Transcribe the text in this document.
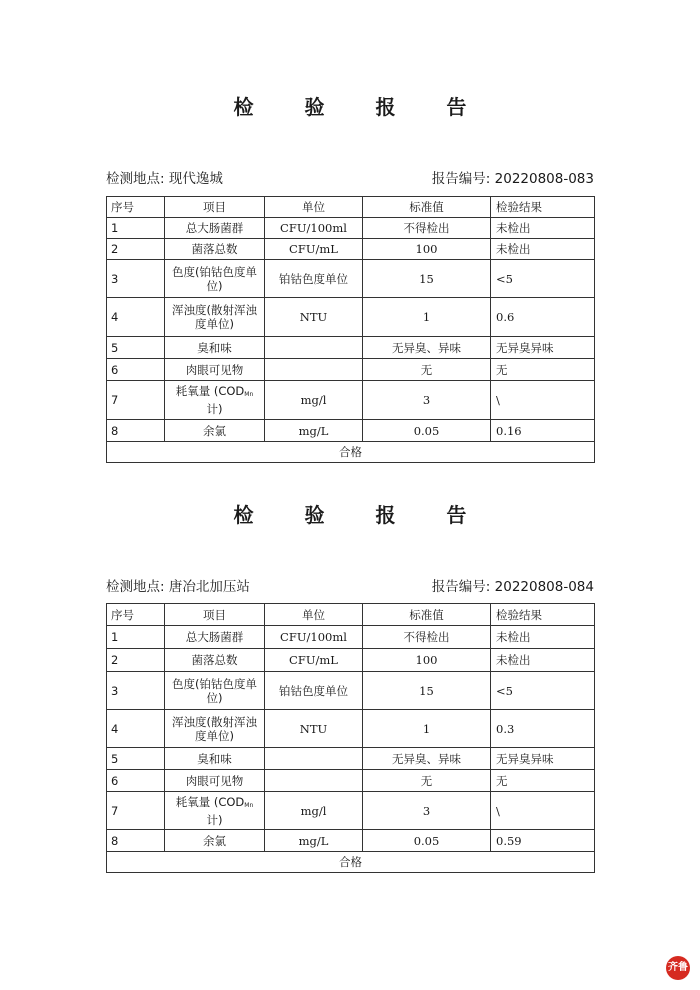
检 验 报 告
检测地点: 现代逸城	报告编号: 20220808-083
序号	项目	单位	标准值	检验结果
1	总大肠菌群	CFU/100ml	不得检出	未检出
2	菌落总数	CFU/mL	100	未检出
3	色度(铂钴色度单位)	铂钴色度单位	15	<5
4	浑浊度(散射浑浊度单位)	NTU	1	0.6
5	臭和味		无异臭、异味	无异臭异味
6	肉眼可见物		无	无
7	耗氧量 ($COD_{Mn}$计)	mg/l	3	\
8	余氯	mg/L	0.05	0.16
合格				
检 验 报 告
检测地点: 唐冶北加压站	报告编号: 20220808-084
序号	项目	单位	标准值	检验结果
1	总大肠菌群	CFU/100ml	不得检出	未检出
2	菌落总数	CFU/mL	100	未检出
3	色度(铂钴色度单位)	铂钴色度单位	15	<5
4	浑浊度(散射浑浊度单位)	NTU	1	0.3
5	臭和味		无异臭、异味	无异臭异味
6	肉眼可见物		无	无
7	耗氧量 ($COD_{Mn}$计)	mg/l	3	\
8	余氯	mg/L	0.05	0.59
合格				
齐鲁
